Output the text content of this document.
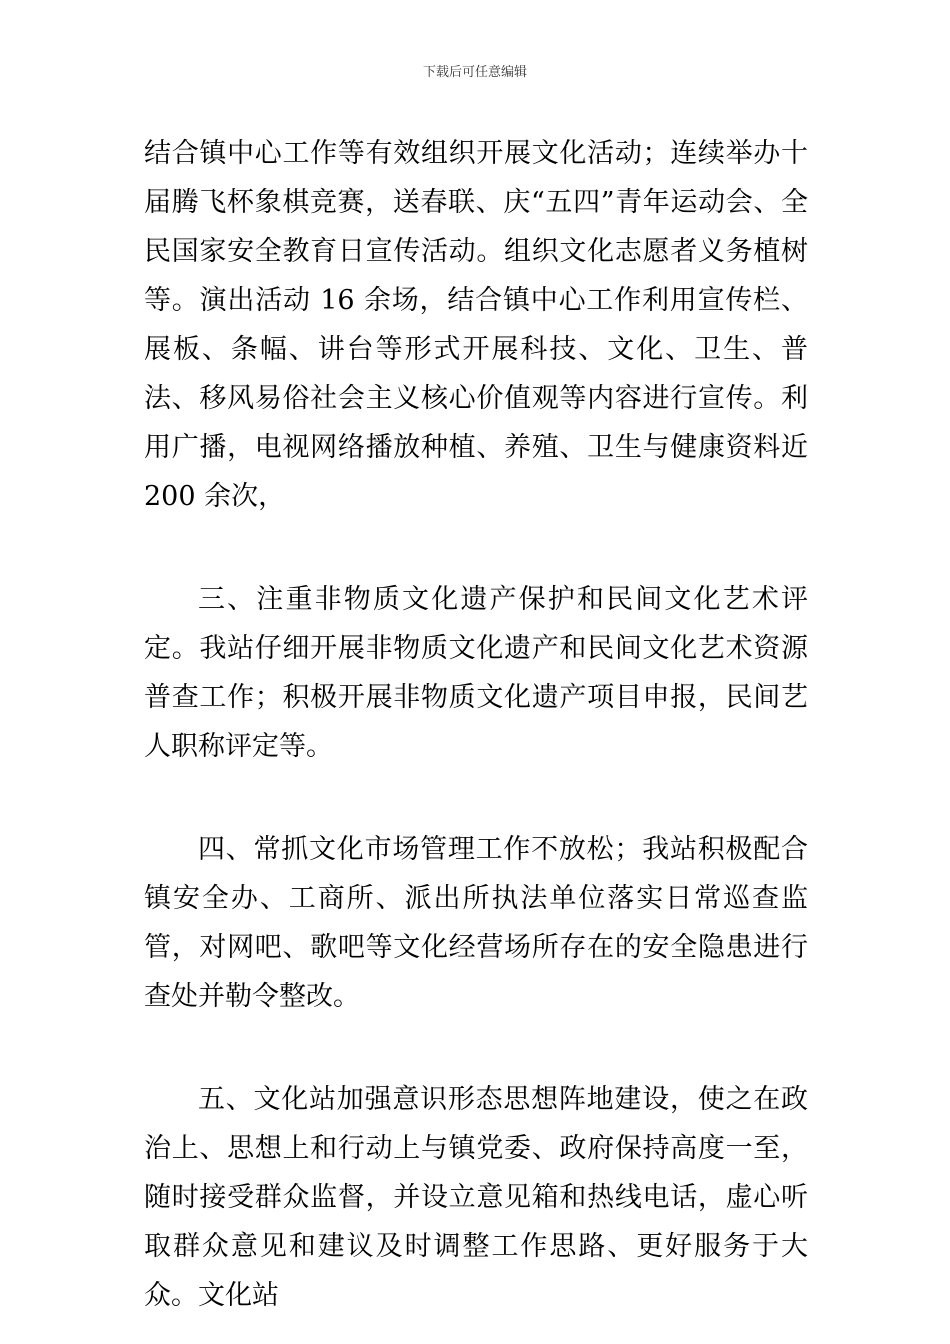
下载后可任意编辑

结合镇中心工作等有效组织开展文化活动；连续举办十届腾飞杯象棋竞赛，送春联、庆“五四”青年运动会、全民国家安全教育日宣传活动。组织文化志愿者义务植树等。演出活动 16 余场，结合镇中心工作利用宣传栏、展板、条幅、讲台等形式开展科技、文化、卫生、普法、移风易俗社会主义核心价值观等内容进行宣传。利用广播，电视网络播放种植、养殖、卫生与健康资料近 200 余次，

三、注重非物质文化遗产保护和民间文化艺术评定。我站仔细开展非物质文化遗产和民间文化艺术资源普查工作；积极开展非物质文化遗产项目申报，民间艺人职称评定等。

四、常抓文化市场管理工作不放松；我站积极配合镇安全办、工商所、派出所执法单位落实日常巡查监管，对网吧、歌吧等文化经营场所存在的安全隐患进行查处并勒令整改。

五、文化站加强意识形态思想阵地建设，使之在政治上、思想上和行动上与镇党委、政府保持高度一至，随时接受群众监督，并设立意见箱和热线电话，虚心听取群众意见和建议及时调整工作思路、更好服务于大众。文化站
